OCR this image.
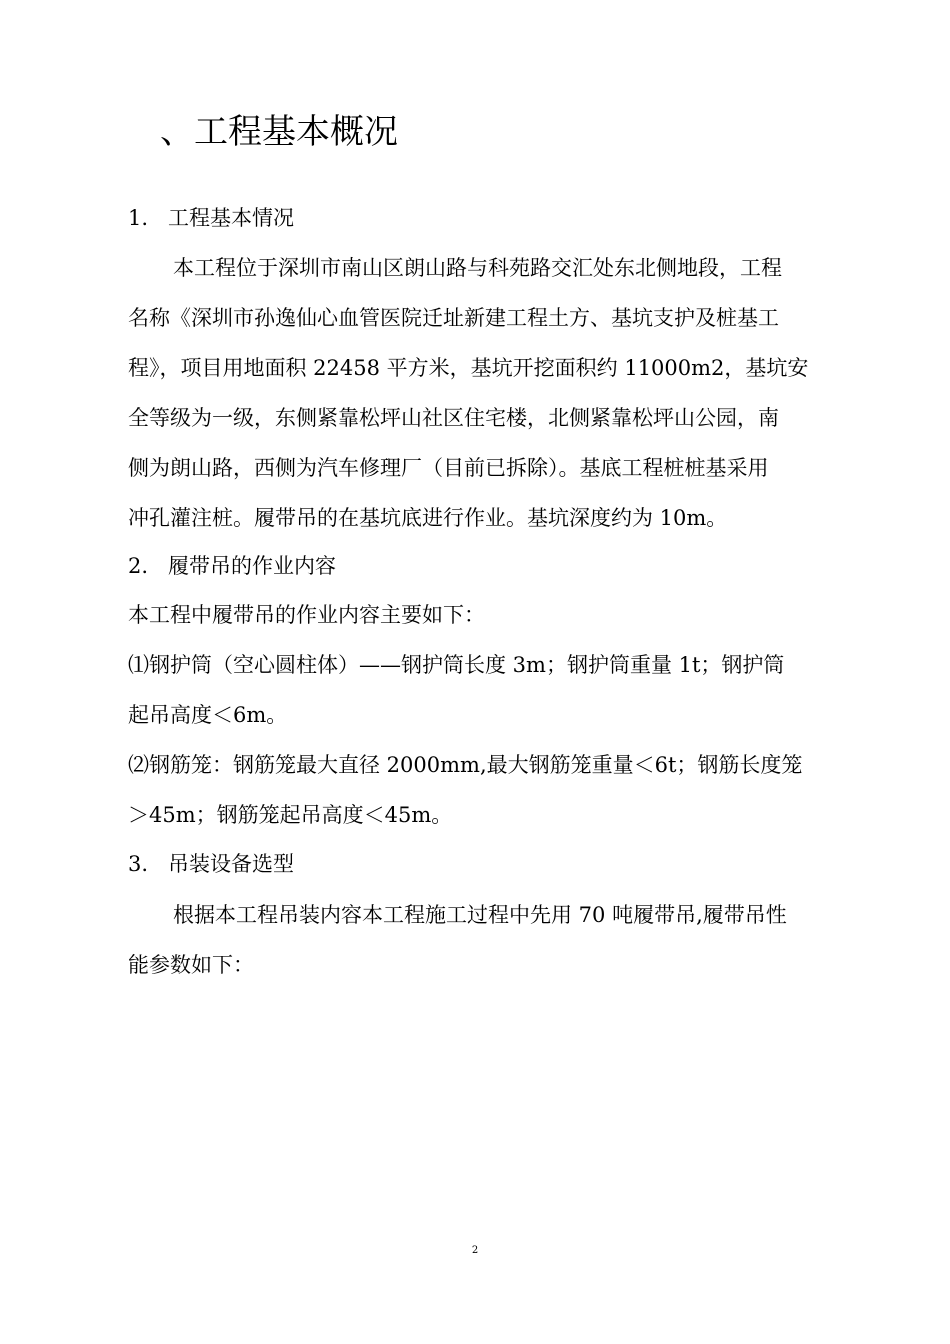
、工程基本概况
1. 工程基本情况
本工程位于深圳市南山区朗山路与科苑路交汇处东北侧地段，工程
名称《深圳市孙逸仙心血管医院迁址新建工程土方、基坑支护及桩基工
程》，项目用地面积 22458 平方米，基坑开挖面积约 11000m2，基坑安
全等级为一级，东侧紧靠松坪山社区住宅楼，北侧紧靠松坪山公园，南
侧为朗山路，西侧为汽车修理厂（目前已拆除）。基底工程桩桩基采用
冲孔灌注桩。履带吊的在基坑底进行作业。基坑深度约为 10m。
2. 履带吊的作业内容
本工程中履带吊的作业内容主要如下：
⑴钢护筒（空心圆柱体）——钢护筒长度 3m；钢护筒重量 1t；钢护筒
起吊高度＜6m。
⑵钢筋笼：钢筋笼最大直径 2000mm,最大钢筋笼重量＜6t；钢筋长度笼
＞45m；钢筋笼起吊高度＜45m。
3. 吊装设备选型
根据本工程吊装内容本工程施工过程中先用 70 吨履带吊,履带吊性
能参数如下：
2
